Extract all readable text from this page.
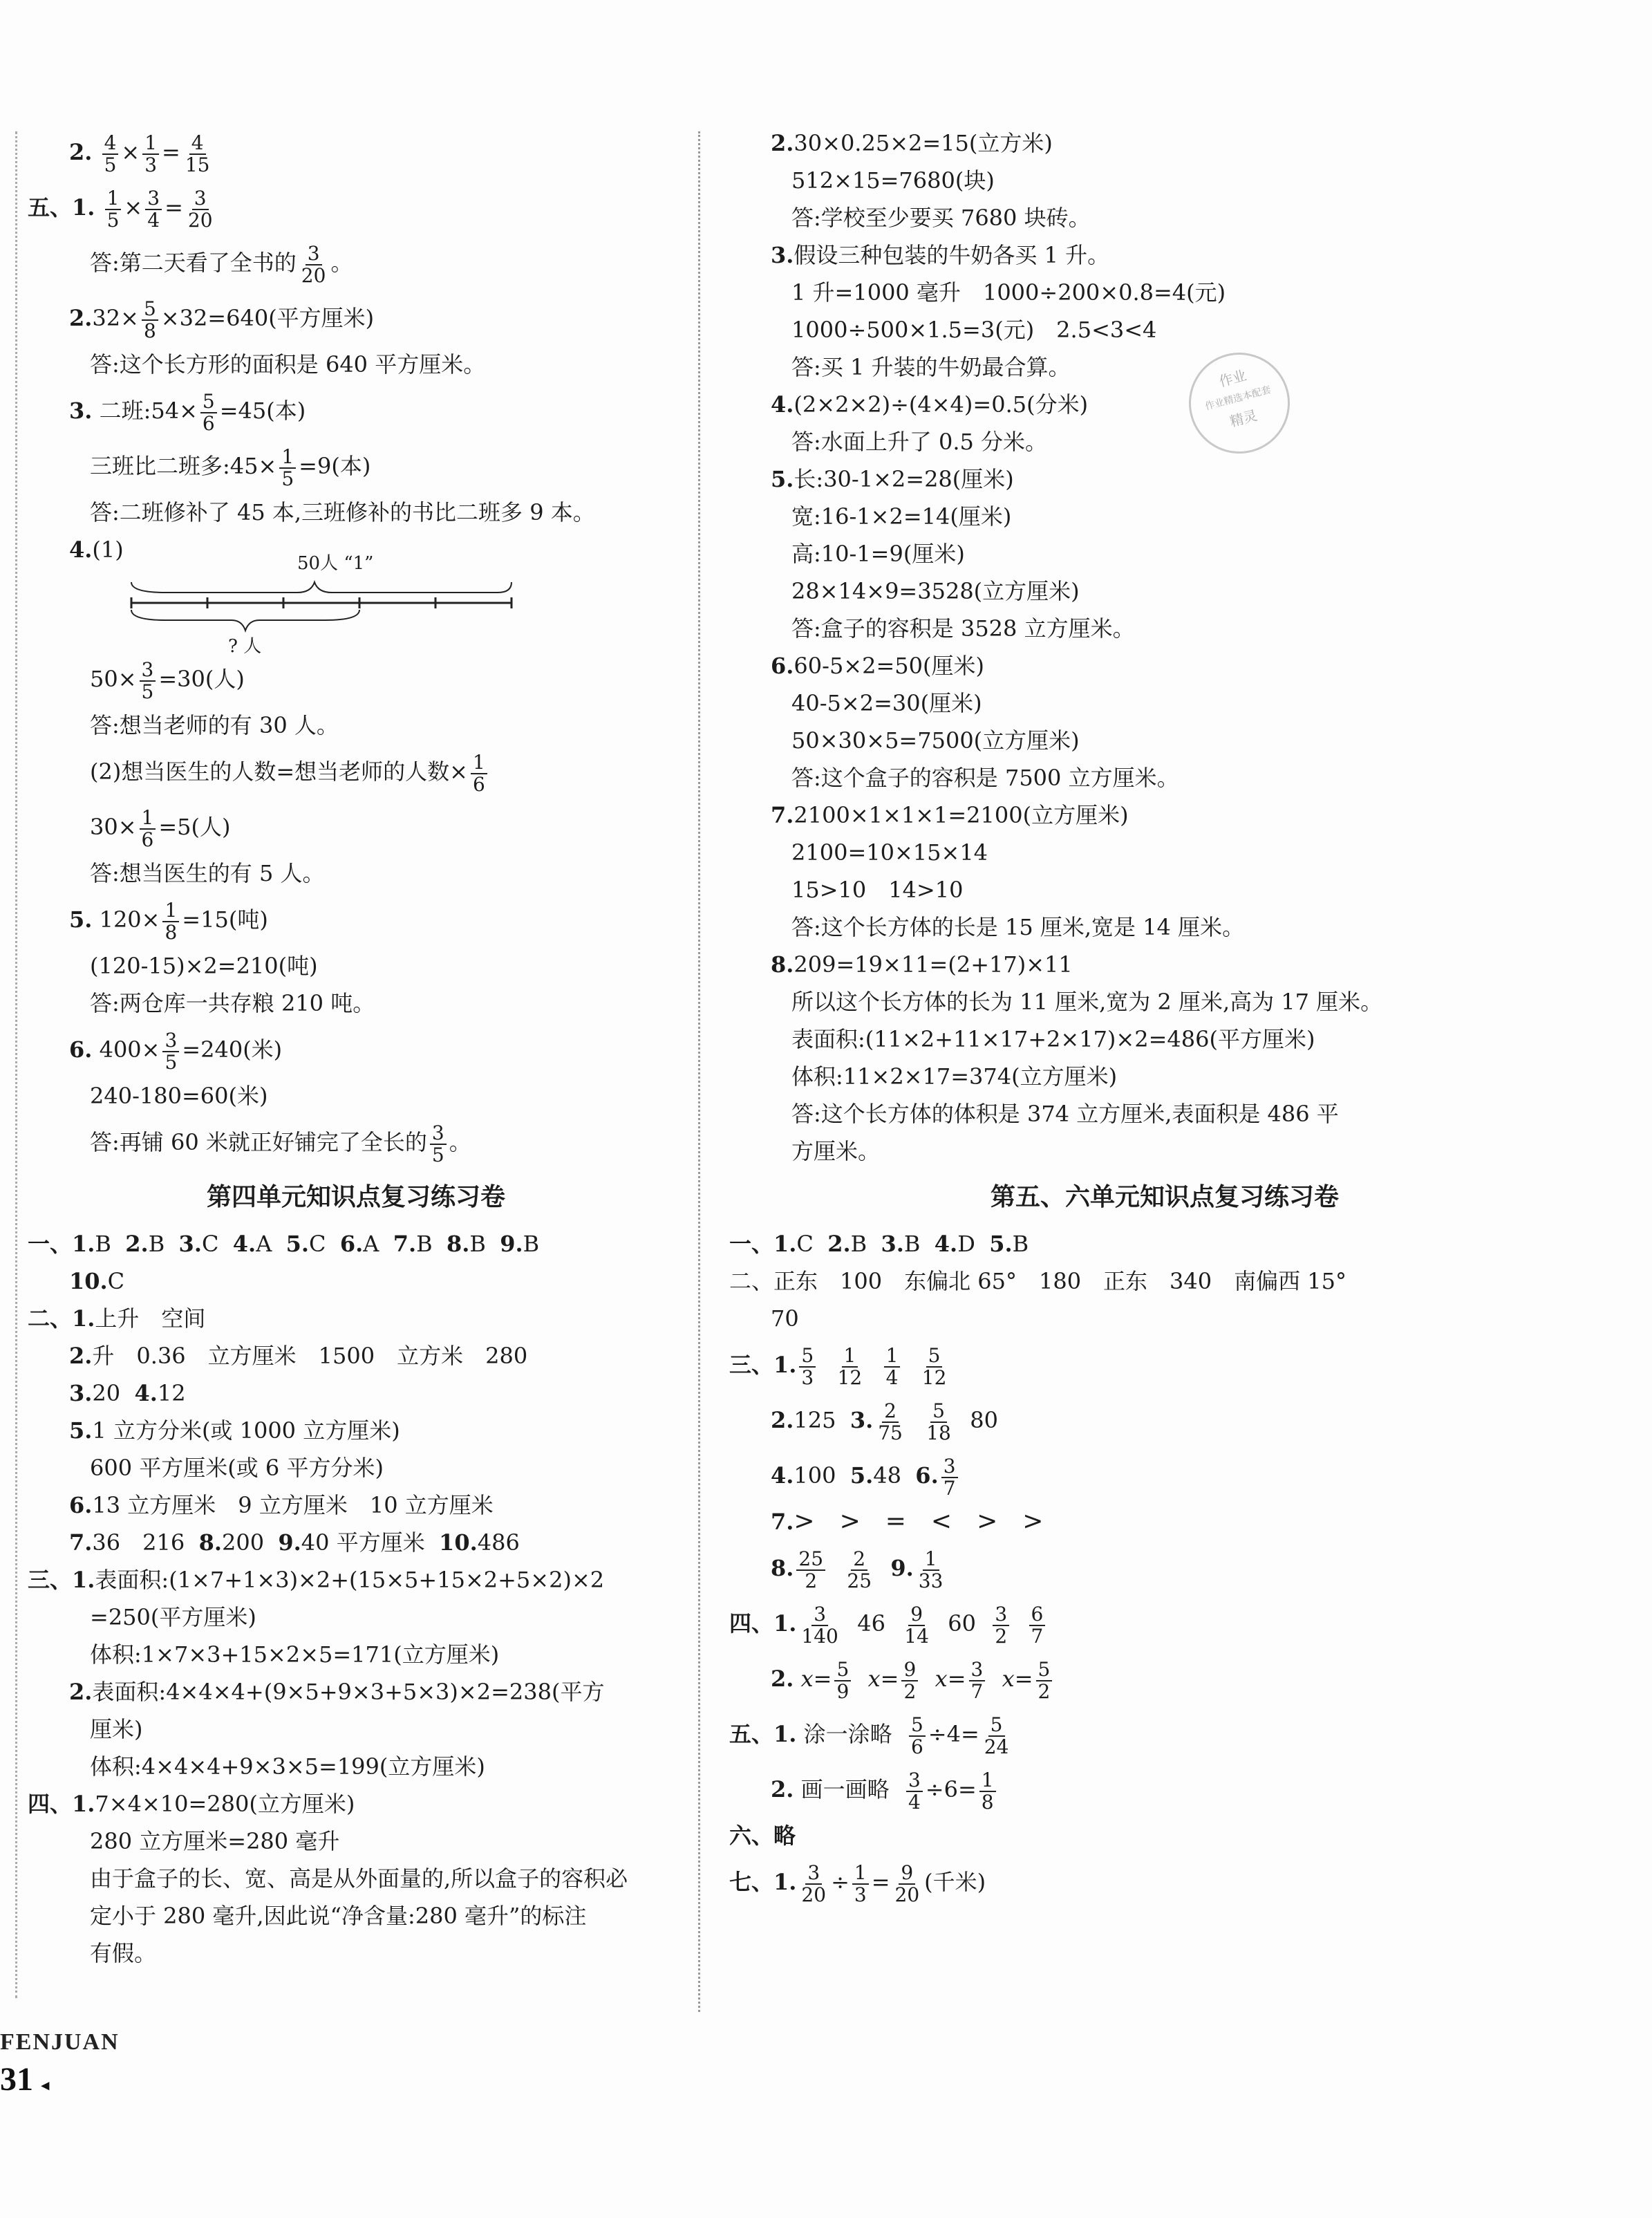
作业
作业精选本配套
精灵
2. $\frac{4}{5} \times \frac{1}{3} = \frac{4}{15}$
五、1. $\frac{1}{5} \times \frac{3}{4} = \frac{3}{20}$
答:第二天看了全书的 $\frac{3}{20}$ 。
$2.32\times \frac{5}{8} \times 32=640$(平方厘米)
答:这个长方形的面积是 640 平方厘米。
3. 二班:54× $\frac{5}{6} =45$(本)
三班比二班多:45× $\frac{1}{5} =9$(本)
答:二班修补了 45 本,三班修补的书比二班多 9 本。
4.(1)
50人 “1”
? 人
$50\times \frac{3}{5} =30$(人)
答:想当老师的有 30 人。
(2)想当医生的人数=想当老师的人数× $\frac{1}{6}$
$30\times \frac{1}{6} =5$(人)
答:想当医生的有 5 人。
5. $120\times \frac{1}{8} =15$(吨)
(120-15)×2=210(吨)
答:两仓库一共存粮 210 吨。
6. $400\times \frac{3}{5} =240$(米)
240-180=60(米)
答:再铺 60 米就正好铺完了全长的 $\frac{3}{5}$ 。
第四单元知识点复习练习卷
一、1.B 2.B 3.C 4.A 5.C 6.A 7.B 8.B 9.B
10.C
二、1.上升　空间
2.升　0.36　立方厘米　1500　立方米　280
3.20 4.12
5.1 立方分米(或 1000 立方厘米)
600 平方厘米(或 6 平方分米)
6.13 立方厘米　9 立方厘米　10 立方厘米
7.36　216 8.200 9.40 平方厘米 10.486
三、1.表面积:(1×7+1×3)×2+(15×5+15×2+5×2)×2
=250(平方厘米)
体积:1×7×3+15×2×5=171(立方厘米)
2.表面积:4×4×4+(9×5+9×3+5×3)×2=238(平方
厘米)
体积:4×4×4+9×3×5=199(立方厘米)
四、1.7×4×10=280(立方厘米)
280 立方厘米=280 毫升
由于盒子的长、宽、高是从外面量的,所以盒子的容积必
定小于 280 毫升,因此说“净含量:280 毫升”的标注
有假。
2.30×0.25×2=15(立方米)
512×15=7680(块)
答:学校至少要买 7680 块砖。
3.假设三种包装的牛奶各买 1 升。
1 升=1000 毫升　1000÷200×0.8=4(元)
1000÷500×1.5=3(元)　2.5<3<4
答:买 1 升装的牛奶最合算。
4.(2×2×2)÷(4×4)=0.5(分米)
答:水面上升了 0.5 分米。
5.长:30-1×2=28(厘米)
宽:16-1×2=14(厘米)
高:10-1=9(厘米)
28×14×9=3528(立方厘米)
答:盒子的容积是 3528 立方厘米。
6.60-5×2=50(厘米)
40-5×2=30(厘米)
50×30×5=7500(立方厘米)
答:这个盒子的容积是 7500 立方厘米。
7.2100×1×1×1=2100(立方厘米)
2100=10×15×14
15>10　14>10
答:这个长方体的长是 15 厘米,宽是 14 厘米。
8.209=19×11=(2+17)×11
所以这个长方体的长为 11 厘米,宽为 2 厘米,高为 17 厘米。
表面积:(11×2+11×17+2×17)×2=486(平方厘米)
体积:11×2×17=374(立方厘米)
答:这个长方体的体积是 374 立方厘米,表面积是 486 平
方厘米。
第五、六单元知识点复习练习卷
一、1.C 2.B 3.B 4.D 5.B
二、正东　100　东偏北 65°　180　正东　340　南偏西 15°
70
三、1. $\frac{5}{3}$
$\frac{1}{12}$
$\frac{1}{4}$
$\frac{5}{12}$
2.125 3. $\frac{2}{75}$
$\frac{5}{18} 80$
4.100 5.48 6. $\frac{3}{7}$
7.>　>　=　<　>　>
8. $\frac{25}{2}$
$\frac{2}{25} 9$. $\frac{1}{33}$
四、1. $\frac{3}{140} 46 \frac{9}{14} 60 \frac{3}{2}$
$\frac{6}{7}$
2. $x= \frac{5}{9} x= \frac{9}{2} x= \frac{3}{7} x= \frac{5}{2}$
五、1. 涂一涂略 $\frac{5}{6} \div 4= \frac{5}{24}$
2. 画一画略 $\frac{3}{4} \div 6= \frac{1}{8}$
六、略
七、1. $\frac{3}{20} \div \frac{1}{3} = \frac{9}{20}$ (千米)
FENJUAN
31 ◂
